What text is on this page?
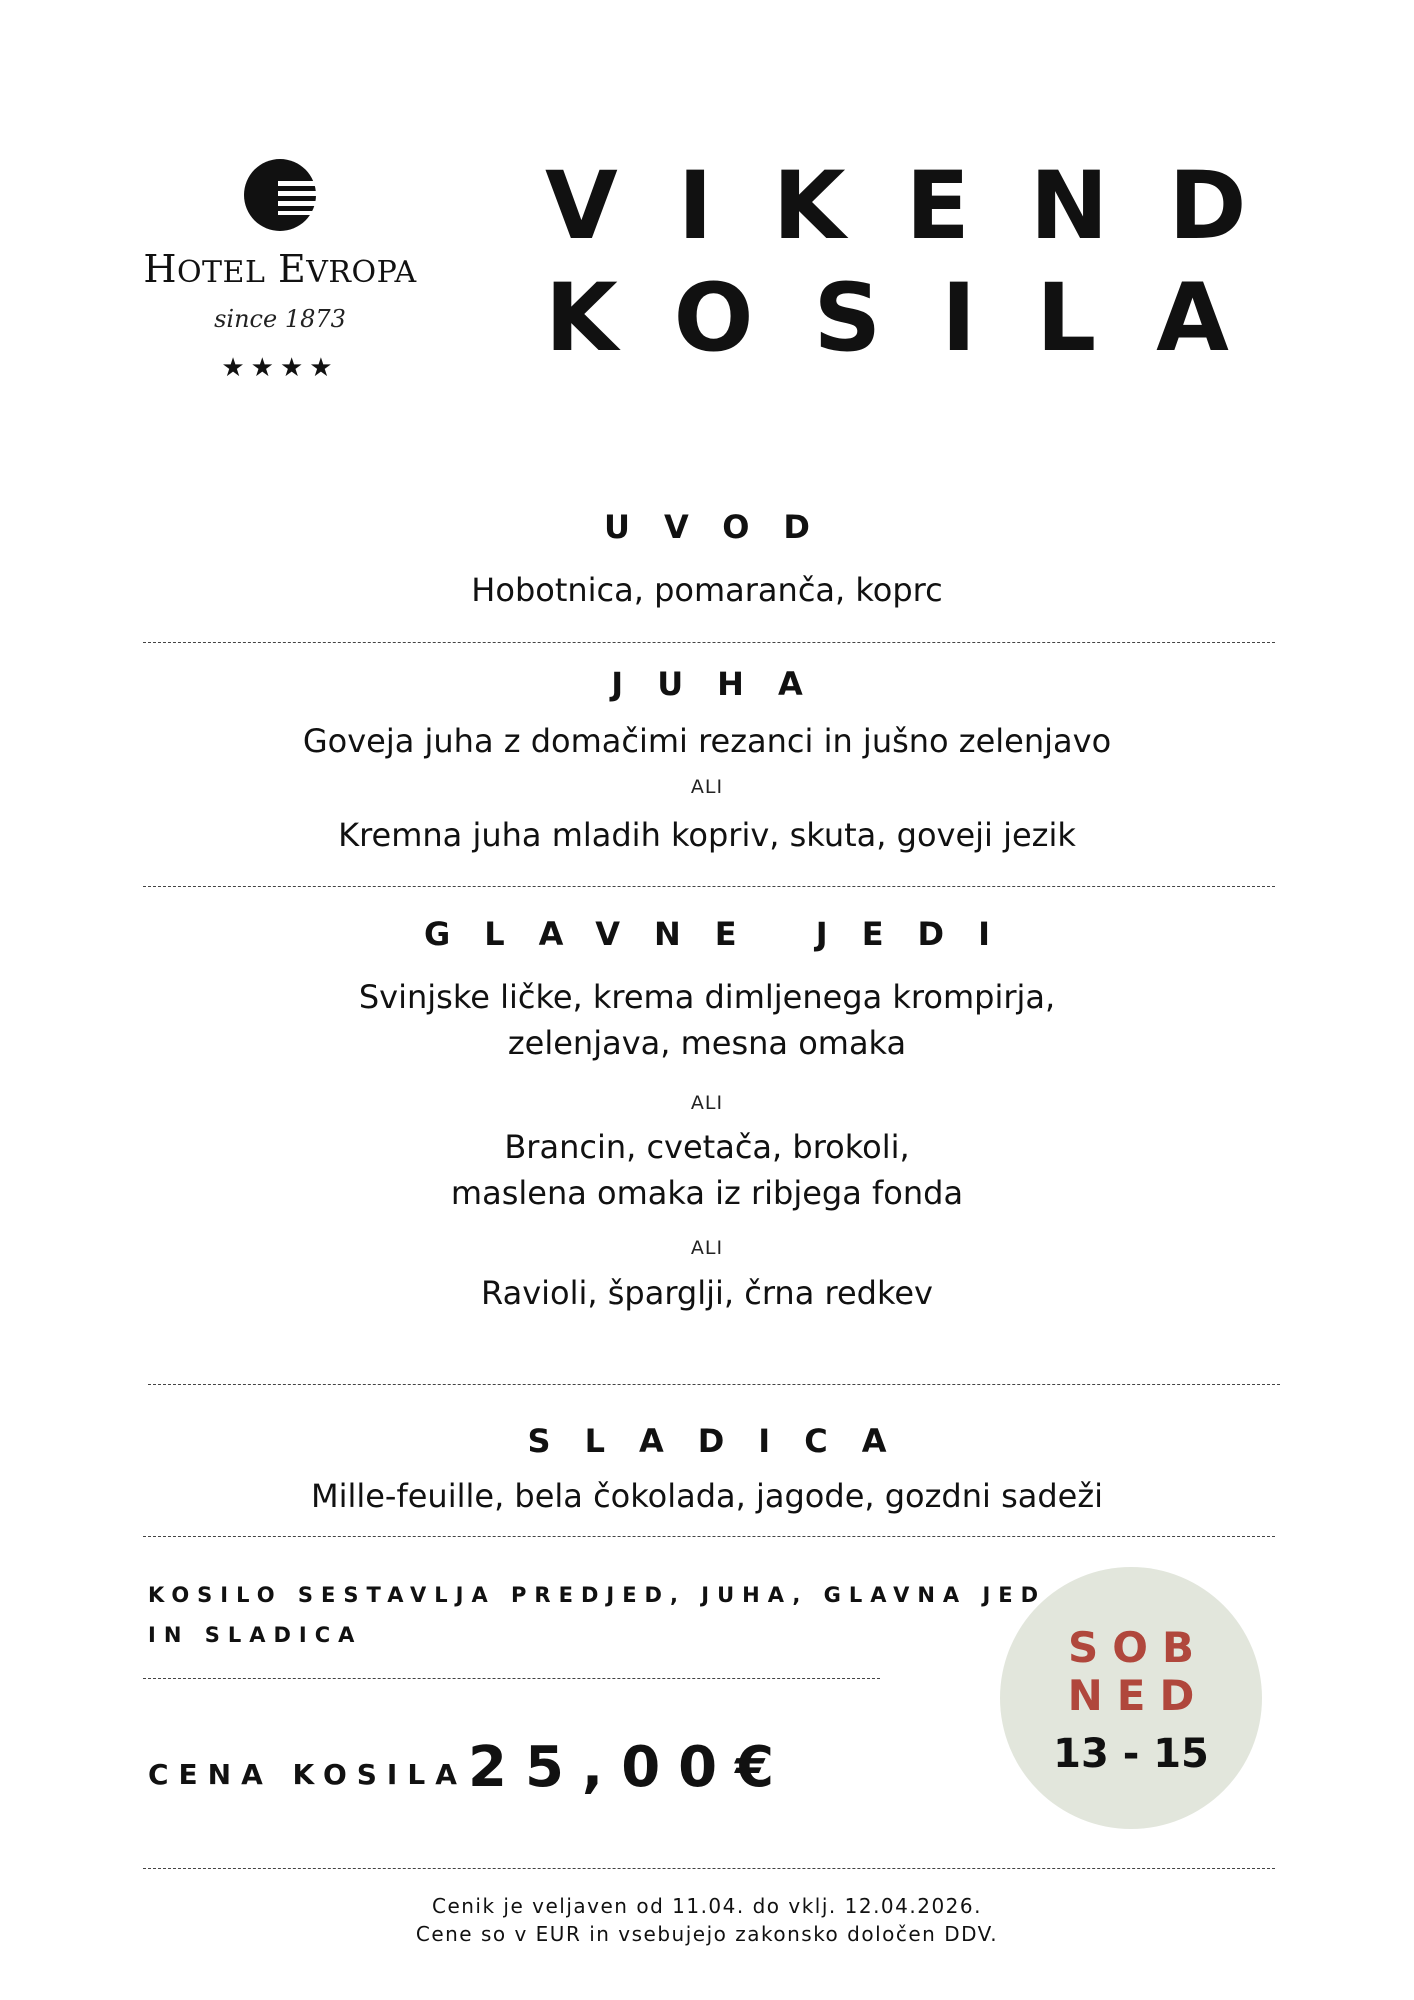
HOTEL EVROPA
since 1873
★★★★
VIKEND
KOSILA
UVOD
Hobotnica, pomaranča, koprc
JUHA
Goveja juha z domačimi rezanci in jušno zelenjavo
ALI
Kremna juha mladih kopriv, skuta, goveji jezik
GLAVNE JEDI
Svinjske ličke, krema dimljenega krompirja,
zelenjava, mesna omaka
ALI
Brancin, cvetača, brokoli,
maslena omaka iz ribjega fonda
ALI
Ravioli, šparglji, črna redkev
SLADICA
Mille-feuille, bela čokolada, jagode, gozdni sadeži
KOSILO SESTAVLJA PREDJED, JUHA, GLAVNA JED
IN SLADICA
CENA KOSILA 25,00€
SOB
NED
13 - 15
Cenik je veljaven od 11.04. do vklj. 12.04.2026.
Cene so v EUR in vsebujejo zakonsko določen DDV.
